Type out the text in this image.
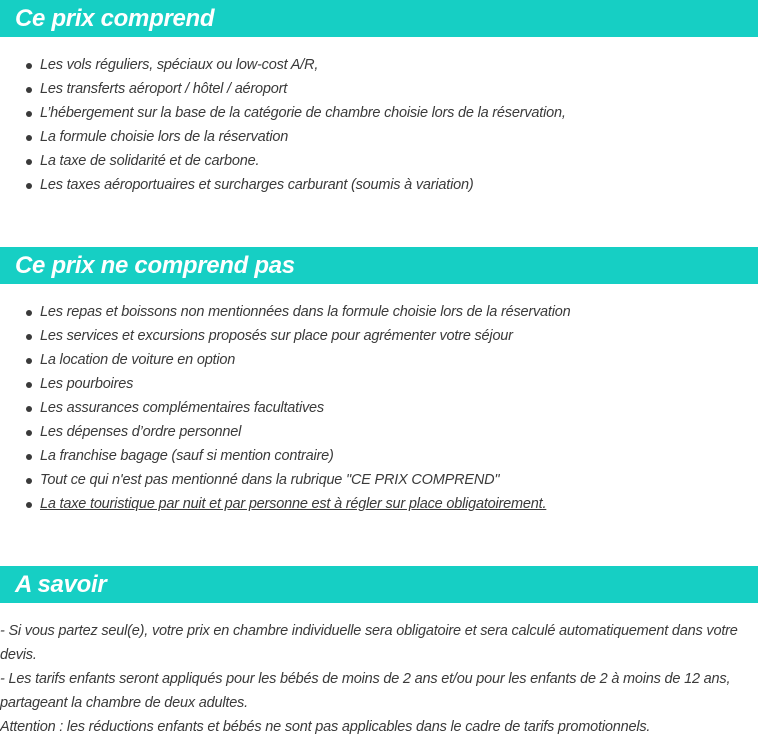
Ce prix comprend
Les vols réguliers, spéciaux ou low-cost A/R,
Les transferts aéroport / hôtel / aéroport
L’hébergement sur la base de la catégorie de chambre choisie lors de la réservation,
La formule choisie lors de la réservation
La taxe de solidarité et de carbone.
Les taxes aéroportuaires et surcharges carburant (soumis à variation)
Ce prix ne comprend pas
Les repas et boissons non mentionnées dans la formule choisie lors de la réservation
Les services et excursions proposés sur place pour agrémenter votre séjour
La location de voiture en option
Les pourboires
Les assurances complémentaires facultatives
Les dépenses d’ordre personnel
La franchise bagage (sauf si mention contraire)
Tout ce qui n'est pas mentionné dans la rubrique "CE PRIX COMPREND"
La taxe touristique par nuit et par personne est à régler sur place obligatoirement.
A savoir

- Si vous partez seul(e), votre prix en chambre individuelle sera obligatoire et sera calculé automatiquement dans votre devis.

- Les tarifs enfants seront appliqués pour les bébés de moins de 2 ans et/ou pour les enfants de 2 à moins de 12 ans, partageant la chambre de deux adultes.

Attention : les réductions enfants et bébés ne sont pas applicables dans le cadre de tarifs promotionnels.
